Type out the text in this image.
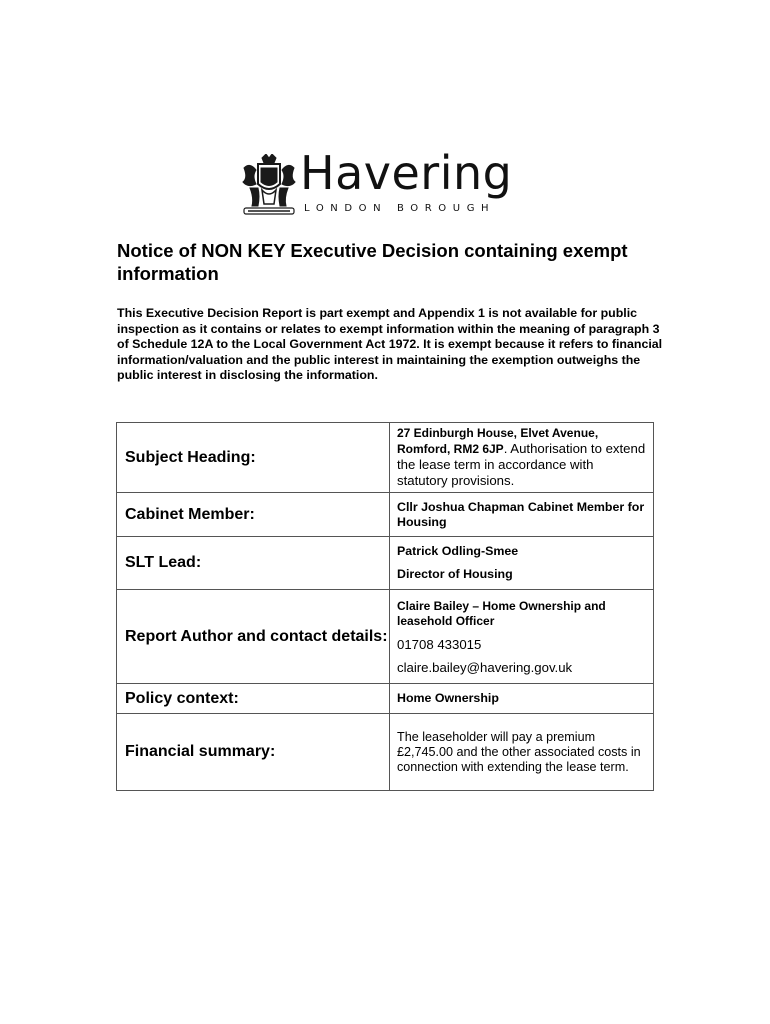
Havering
LONDON BOROUGH
Notice of NON KEY Executive Decision containing exempt information

This Executive Decision Report is part exempt and Appendix 1 is not available for public inspection as it contains or relates to exempt information within the meaning of paragraph 3 of Schedule 12A to the Local Government Act 1972. It is exempt because it refers to financial information/valuation and the public interest in maintaining the exemption outweighs the public interest in disclosing the information.

Subject Heading:	27 Edinburgh House, Elvet Avenue, Romford, RM2 6JP. Authorisation to extend the lease term in accordance with statutory provisions.
Cabinet Member:	Cllr Joshua Chapman Cabinet Member for Housing
SLT Lead:	Patrick Odling-Smee

Director of Housing

Report Author and contact details:	Claire Bailey – Home Ownership and leasehold Officer

01708 433015

claire.bailey@havering.gov.uk

Policy context:	Home Ownership
Financial summary:	The leaseholder will pay a premium £2,745.00 and the other associated costs in connection with extending the lease term.
